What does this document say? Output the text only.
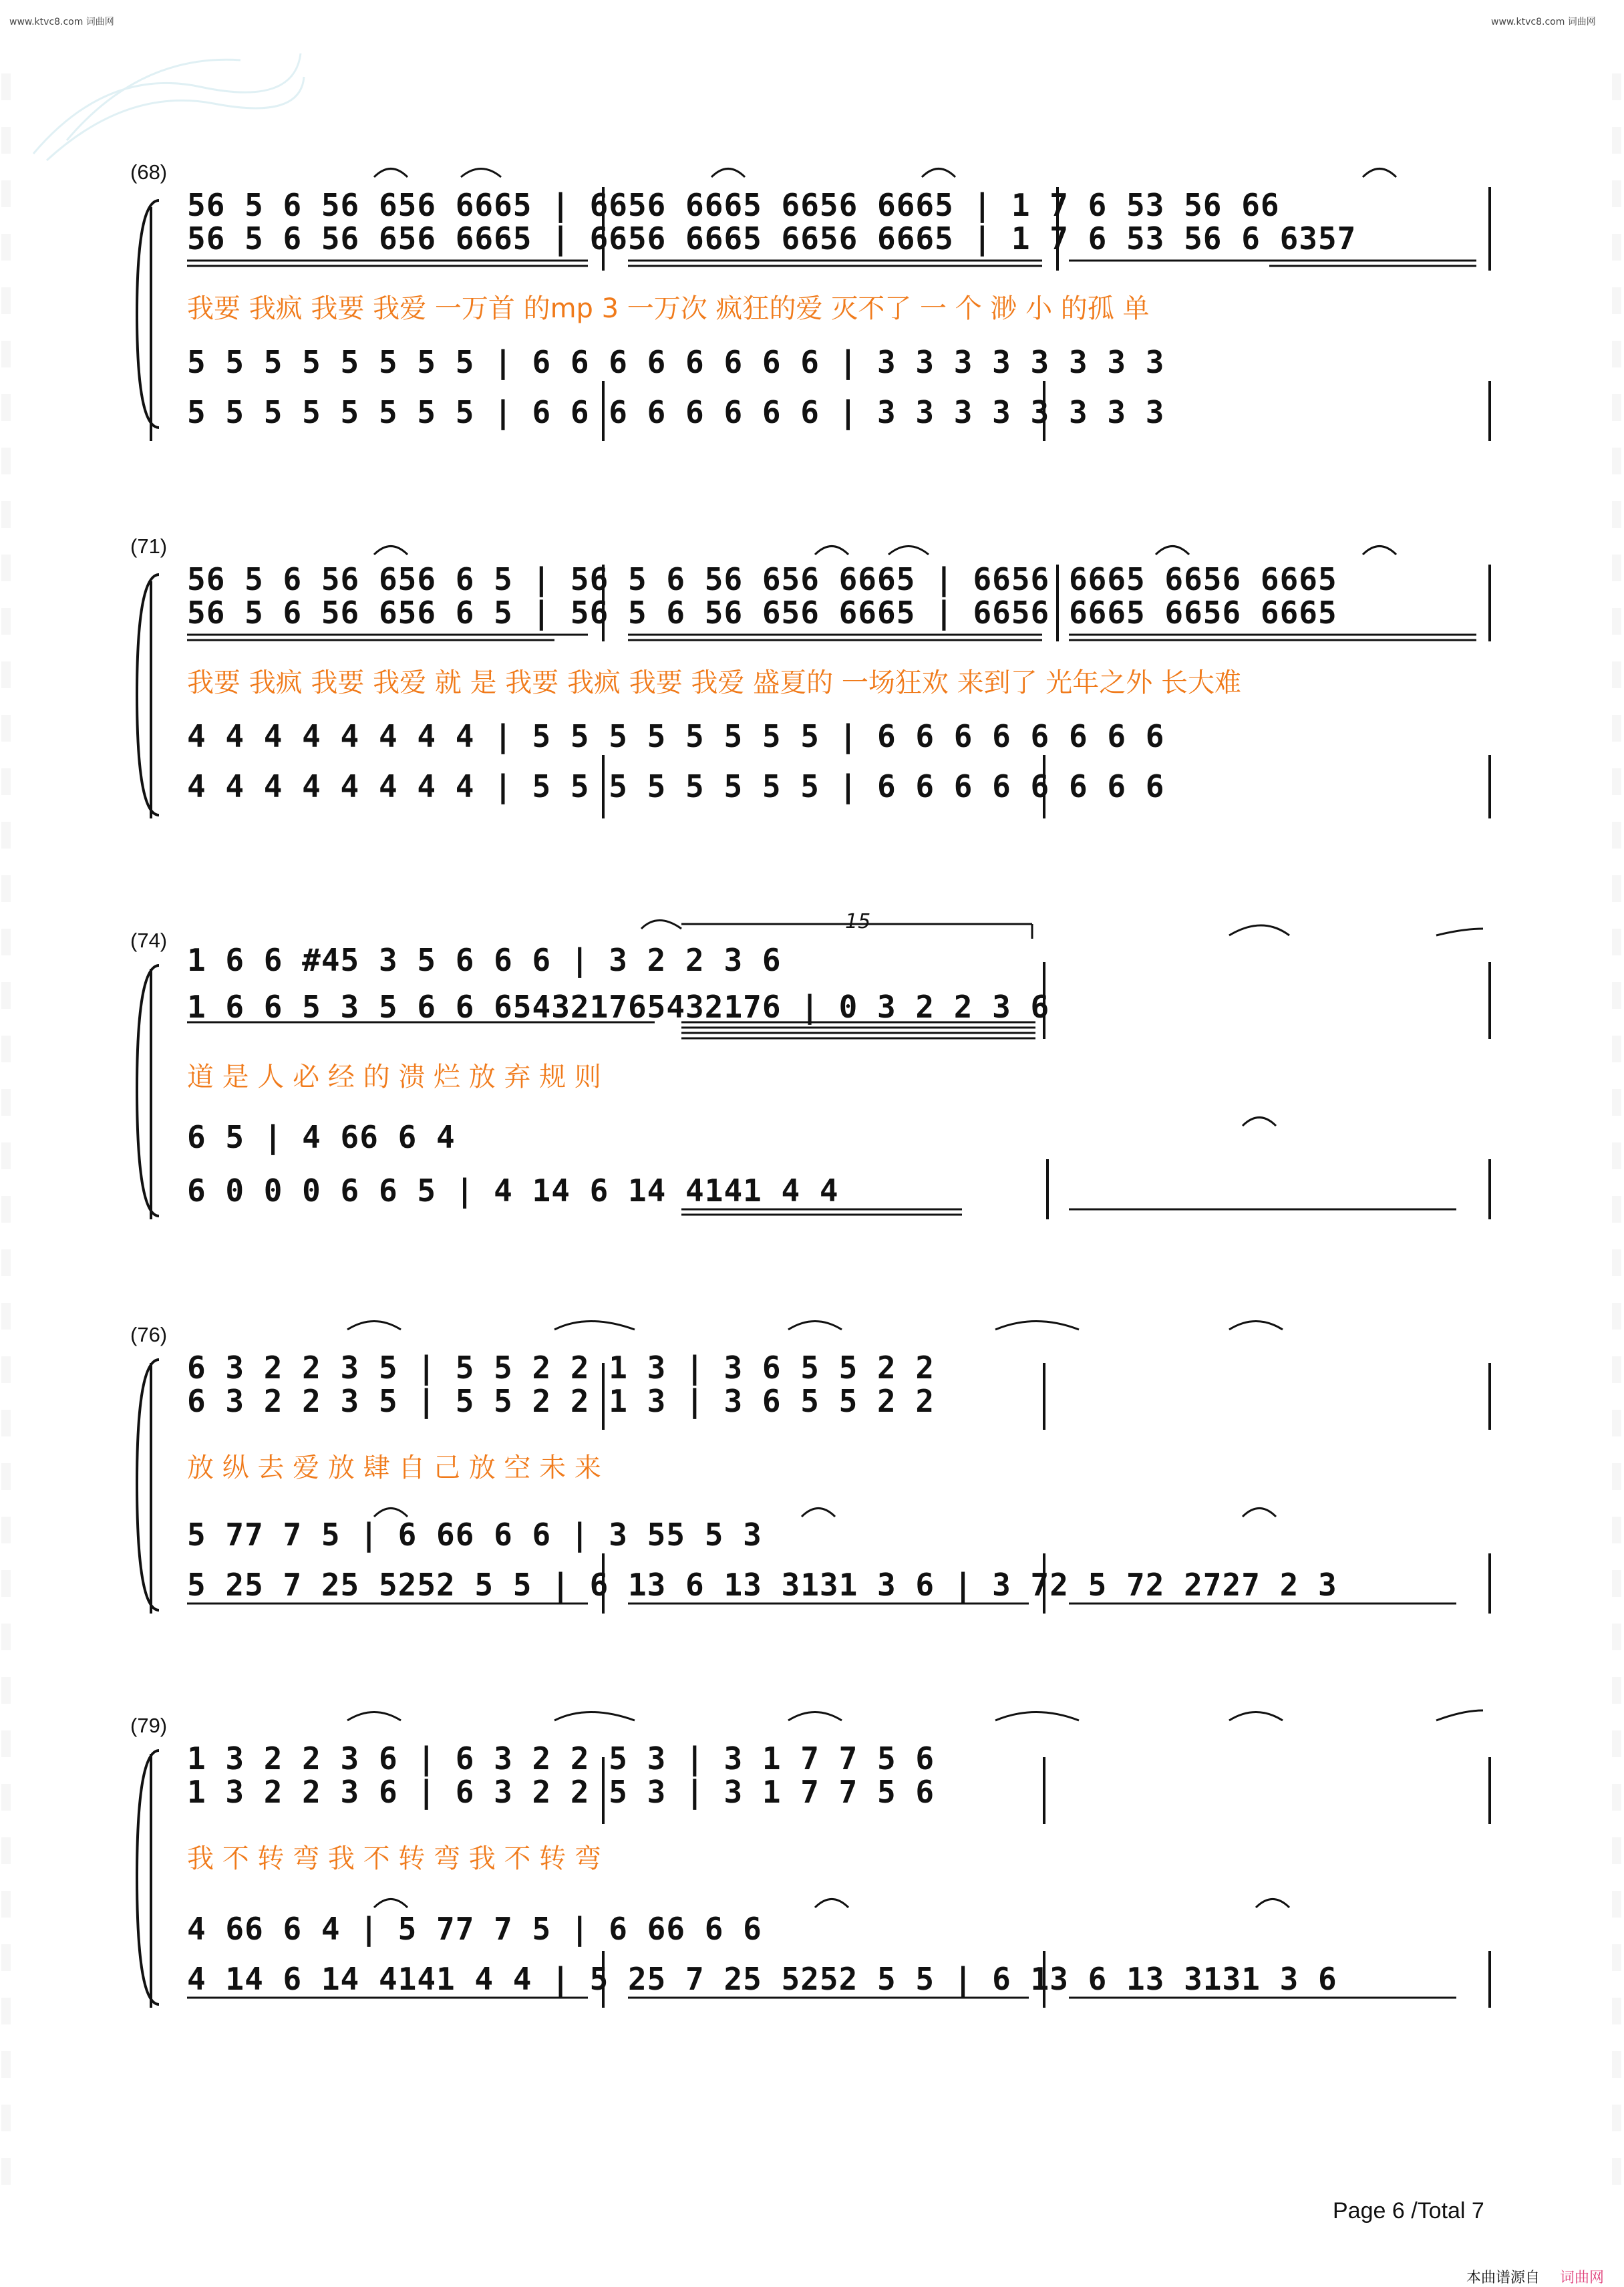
www.ktvc8.com 词曲网	www.ktvc8.com 词曲网
(68)
56 5 6 56 656 6665 | 6656 6665 6656 6665 | 1 7 6 53 56 66
56 5 6 56 656 6665 | 6656 6665 6656 6665 | 1 7 6 53 56 6 6357
我要 我疯 我要 我爱 一万首 的mp 3 一万次 疯狂的爱 灭不了 一 个 渺 小 的孤 单
5 5 5 5 5 5 5 5 | 6 6 6 6 6 6 6 6 | 3 3 3 3 3 3 3 3
5 5 5 5 5 5 5 5 | 6 6 6 6 6 6 6 6 | 3 3 3 3 3 3 3 3
(71)
56 5 6 56 656 6 5 | 56 5 6 56 656 6665 | 6656 6665 6656 6665
56 5 6 56 656 6 5 | 56 5 6 56 656 6665 | 6656 6665 6656 6665
我要 我疯 我要 我爱 就 是 我要 我疯 我要 我爱 盛夏的 一场狂欢 来到了 光年之外 长大难
4 4 4 4 4 4 4 4 | 5 5 5 5 5 5 5 5 | 6 6 6 6 6 6 6 6
4 4 4 4 4 4 4 4 | 5 5 5 5 5 5 5 5 | 6 6 6 6 6 6 6 6
(74)
15
1 6 6 #45 3 5 6 6 6 | 3 2 2 3 6
1 6 6 5 3 5 6 6 654321765432176 | 0 3 2 2 3 6
道 是 人 必 经 的 溃 烂 放 弃 规 则
6 5 | 4 66 6 4
6 0 0 0 6 6 5 | 4 14 6 14 4141 4 4
(76)
6 3 2 2 3 5 | 5 5 2 2 1 3 | 3 6 5 5 2 2
6 3 2 2 3 5 | 5 5 2 2 1 3 | 3 6 5 5 2 2
放 纵 去 爱 放 肆 自 己 放 空 未 来
5 77 7 5 | 6 66 6 6 | 3 55 5 3
5 25 7 25 5252 5 5 | 6 13 6 13 3131 3 6 | 3 72 5 72 2727 2 3
(79)
1 3 2 2 3 6 | 6 3 2 2 5 3 | 3 1 7 7 5 6
1 3 2 2 3 6 | 6 3 2 2 5 3 | 3 1 7 7 5 6
我 不 转 弯 我 不 转 弯 我 不 转 弯
4 66 6 4 | 5 77 7 5 | 6 66 6 6
4 14 6 14 4141 4 4 | 5 25 7 25 5252 5 5 | 6 13 6 13 3131 3 6
Page 6 /Total 7
本曲谱源自 词曲网
